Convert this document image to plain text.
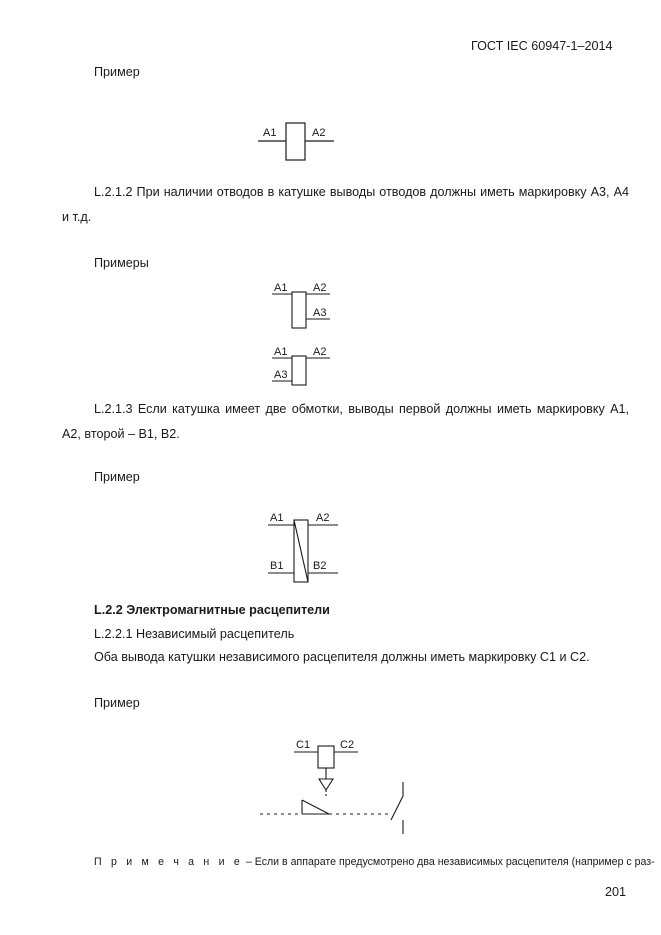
ГОСТ IEC 60947-1–2014
Пример
A1	A2
L.2.1.2 При наличии отводов в катушке выводы отводов должны иметь маркировку А3, А4 и т.д.
Примеры
A1 A2
A3
A1 A2
A3
L.2.1.3 Если катушка имеет две обмотки, выводы первой должны иметь маркировку А1, А2, второй – В1, В2.
Пример
A1	A2
B1	B2
L.2.2 Электромагнитные расцепители
L.2.2.1 Независимый расцепитель
Оба вывода катушки независимого расцепителя должны иметь маркировку С1 и С2.
Пример
C1	C2
П р и м е ч а н и е – Если в аппарате предусмотрено два независимых расцепителя (например с раз-
201
